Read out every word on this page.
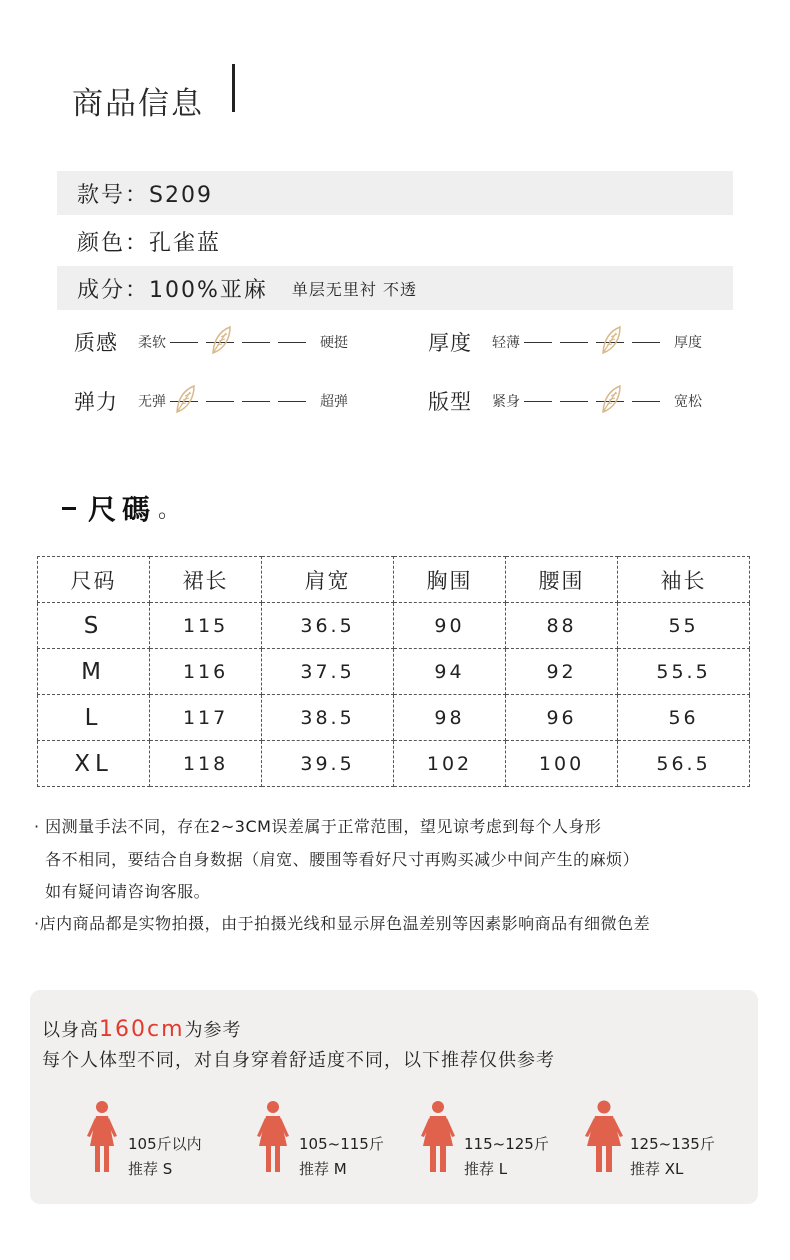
商品信息
款号：S209
颜色：孔雀蓝
成分：100%亚麻 单层无里衬 不透
质感	柔软	硬挺	厚度	轻薄	厚度
弹力	无弹	超弹	版型	紧身	宽松
尺碼 。
尺码	裙长	肩宽	胸围	腰围	袖长
S	115	36.5	90	88	55
M	116	37.5	94	92	55.5
L	117	38.5	98	96	56
XL	118	39.5	102	100	56.5
· 因测量手法不同，存在2~3CM误差属于正常范围，望见谅考虑到每个人身形
各不相同，要结合自身数据（肩宽、腰围等看好尺寸再购买减少中间产生的麻烦）
如有疑问请咨询客服。
·店内商品都是实物拍摄，由于拍摄光线和显示屏色温差别等因素影响商品有细微色差
以身高160cm为参考
每个人体型不同，对自身穿着舒适度不同，以下推荐仅供参考
105斤以内
推荐 S
105~115斤
推荐 M
115~125斤
推荐 L
125~135斤
推荐 XL
